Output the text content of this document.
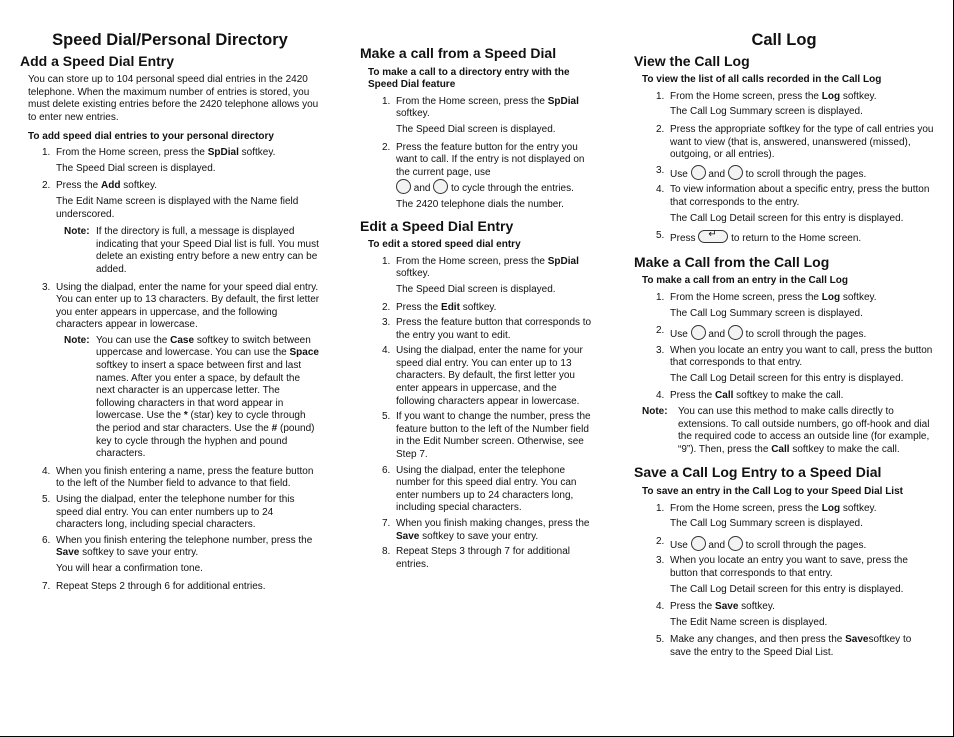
Speed Dial/Personal Directory
Add a Speed Dial Entry
You can store up to 104 personal speed dial entries in the 2420 telephone. When the maximum number of entries is stored, you must delete existing entries before the 2420 telephone allows you to enter new entries.
To add speed dial entries to your personal directory
1. From the Home screen, press the SpDial softkey.
The Speed Dial screen is displayed.
2. Press the Add softkey.
The Edit Name screen is displayed with the Name field underscored.
Note: If the directory is full, a message is displayed indicating that your Speed Dial list is full. You must delete an existing entry before a new entry can be added.
3. Using the dialpad, enter the name for your speed dial entry. You can enter up to 13 characters. By default, the first letter you enter appears in uppercase, and the following characters appear in lowercase.
Note: You can use the Case softkey to switch between uppercase and lowercase. You can use the Space softkey to insert a space between first and last names. After you enter a space, by default the next character is an uppercase letter. The following characters in that word appear in lowercase. Use the * (star) key to cycle through the period and star characters. Use the # (pound) key to cycle through the hyphen and pound characters.
4. When you finish entering a name, press the feature button to the left of the Number field to advance to that field.
5. Using the dialpad, enter the telephone number for this speed dial entry. You can enter numbers up to 24 characters long, including special characters.
6. When you finish entering the telephone number, press the Save softkey to save your entry.
You will hear a confirmation tone.
7. Repeat Steps 2 through 6 for additional entries.
Make a call from a Speed Dial
To make a call to a directory entry with the Speed Dial feature
1. From the Home screen, press the SpDial softkey.
The Speed Dial screen is displayed.
2. Press the feature button for the entry you want to call. If the entry is not displayed on the current page, use
and to cycle through the entries.
The 2420 telephone dials the number.
Edit a Speed Dial Entry
To edit a stored speed dial entry
1. From the Home screen, press the SpDial softkey.
The Speed Dial screen is displayed.
2. Press the Edit softkey.
3. Press the feature button that corresponds to the entry you want to edit.
4. Using the dialpad, enter the name for your speed dial entry. You can enter up to 13 characters. By default, the first letter you enter appears in uppercase, and the following characters appear in lowercase.
5. If you want to change the number, press the feature button to the left of the Number field in the Edit Number screen. Otherwise, see Step 7.
6. Using the dialpad, enter the telephone number for this speed dial entry. You can enter numbers up to 24 characters long, including special characters.
7. When you finish making changes, press the Save softkey to save your entry.
8. Repeat Steps 3 through 7 for additional entries.
Call Log
View the Call Log
To view the list of all calls recorded in the Call Log
1. From the Home screen, press the Log softkey.
The Call Log Summary screen is displayed.
2. Press the appropriate softkey for the type of call entries you want to view (that is, answered, unanswered (missed), outgoing, or all entries).
3. Use and to scroll through the pages.
4. To view information about a specific entry, press the button that corresponds to the entry.
The Call Log Detail screen for this entry is displayed.
5. Press ↵	to return to the Home screen.
Make a Call from the Call Log
To make a call from an entry in the Call Log
1. From the Home screen, press the Log softkey.
The Call Log Summary screen is displayed.
2. Use and to scroll through the pages.
3. When you locate an entry you want to call, press the button that corresponds to that entry.
The Call Log Detail screen for this entry is displayed.
4. Press the Call softkey to make the call.
Note: You can use this method to make calls directly to extensions. To call outside numbers, go off-hook and dial the required code to access an outside line (for example, “9”). Then, press the Call softkey to make the call.
Save a Call Log Entry to a Speed Dial
To save an entry in the Call Log to your Speed Dial List
1. From the Home screen, press the Log softkey.
The Call Log Summary screen is displayed.
2. Use and to scroll through the pages.
3. When you locate an entry you want to save, press the button that corresponds to that entry.
The Call Log Detail screen for this entry is displayed.
4. Press the Save softkey.
The Edit Name screen is displayed.
5. Make any changes, and then press the Savesoftkey to save the entry to the Speed Dial List.
